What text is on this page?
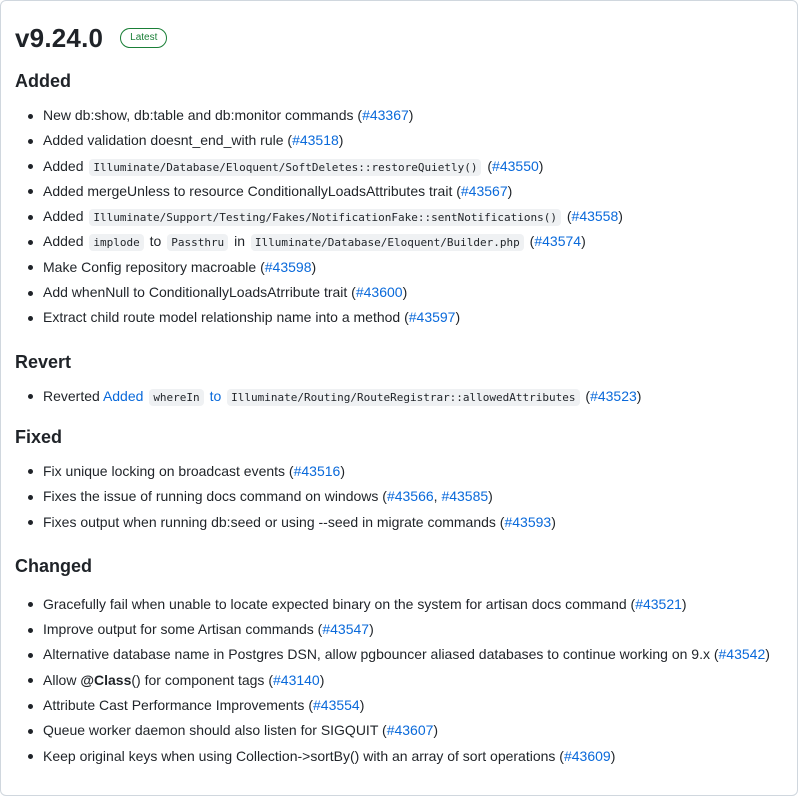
v9.24.0	Latest
Added
New db:show, db:table and db:monitor commands (#43367)
Added validation doesnt_end_with rule (#43518)
Added Illuminate/Database/Eloquent/SoftDeletes::restoreQuietly() (#43550)
Added mergeUnless to resource ConditionallyLoadsAttributes trait (#43567)
Added Illuminate/Support/Testing/Fakes/NotificationFake::sentNotifications() (#43558)
Added implode to Passthru in Illuminate/Database/Eloquent/Builder.php (#43574)
Make Config repository macroable (#43598)
Add whenNull to ConditionallyLoadsAtrribute trait (#43600)
Extract child route model relationship name into a method (#43597)
Revert
Reverted Added whereIn to Illuminate/Routing/RouteRegistrar::allowedAttributes (#43523)
Fixed
Fix unique locking on broadcast events (#43516)
Fixes the issue of running docs command on windows (#43566, #43585)
Fixes output when running db:seed or using --seed in migrate commands (#43593)
Changed
Gracefully fail when unable to locate expected binary on the system for artisan docs command (#43521)
Improve output for some Artisan commands (#43547)
Alternative database name in Postgres DSN, allow pgbouncer aliased databases to continue working on 9.x (#43542)
Allow @Class() for component tags (#43140)
Attribute Cast Performance Improvements (#43554)
Queue worker daemon should also listen for SIGQUIT (#43607)
Keep original keys when using Collection->sortBy() with an array of sort operations (#43609)
